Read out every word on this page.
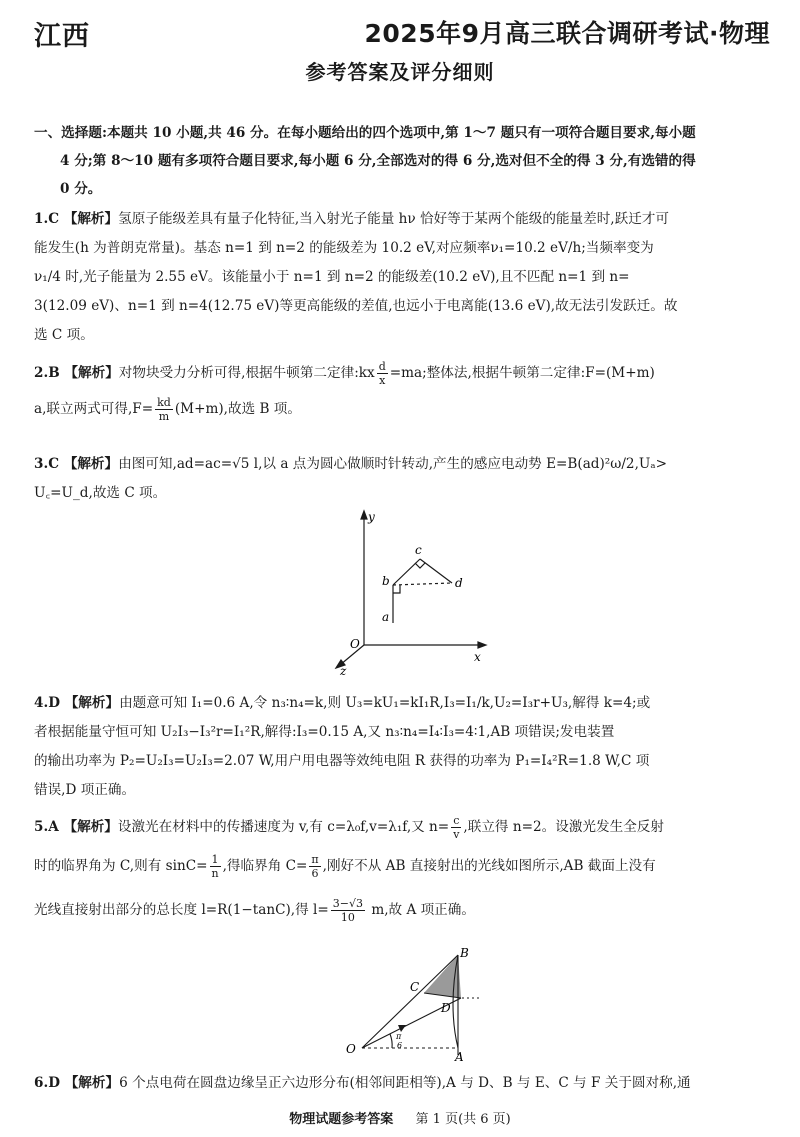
江西	2025年9月高三联合调研考试·物理
参考答案及评分细则
一、选择题:本题共 10 小题,共 46 分。在每小题给出的四个选项中,第 1～7 题只有一项符合题目要求,每小题
4 分;第 8～10 题有多项符合题目要求,每小题 6 分,全部选对的得 6 分,选对但不全的得 3 分,有选错的得
0 分。
1.C 【解析】氢原子能级差具有量子化特征,当入射光子能量 hν 恰好等于某两个能级的能量差时,跃迁才可
能发生(h 为普朗克常量)。基态 n=1 到 n=2 的能级差为 10.2 eV,对应频率ν₁=10.2 eV/h;当频率变为
ν₁/4 时,光子能量为 2.55 eV。该能量小于 n=1 到 n=2 的能级差(10.2 eV),且不匹配 n=1 到 n=
3(12.09 eV)、n=1 到 n=4(12.75 eV)等更高能级的差值,也远小于电离能(13.6 eV),故无法引发跃迁。故
选 C 项。
2.B 【解析】对物块受力分析可得,根据牛顿第二定律:kx $\frac{d}{x} =ma$;整体法,根据牛顿第二定律:F=(M+m)
a,联立两式可得$,F= \frac{kd}{m} (M+m)$,故选 B 项。
3.C 【解析】由图可知,ad=ac=√5 l,以 a 点为圆心做顺时针转动,产生的感应电动势 E=B(ad)²ω/2,Uₐ>
U꜀=U_d,故选 C 项。
y
x
z
O
a
b
c
d
4.D 【解析】由题意可知 I₁=0.6 A,令 n₃∶n₄=k,则 U₃=kU₁=kI₁R,I₃=I₁/k,U₂=I₃r+U₃,解得 k=4;或
者根据能量守恒可知 U₂I₃−I₃²r=I₁²R,解得:I₃=0.15 A,又 n₃∶n₄=I₄∶I₃=4∶1,AB 项错误;发电装置
的输出功率为 P₂=U₂I₃=U₂I₃=2.07 W,用户用电器等效纯电阻 R 获得的功率为 P₁=I₄²R=1.8 W,C 项
错误,D 项正确。
5.A 【解析】设激光在材料中的传播速度为 v,有 c=λ₀f,v=λ₁f,又 $n= \frac{c}{v}$ ,联立得 n=2。设激光发生全反射
时的临界角为 C,则有 $\sin C= \frac{1}{n}$ ,得临界角 $C= \frac{\pi}{6}$ ,刚好不从 AB 直接射出的光线如图所示,AB 截面上没有
光线直接射出部分的总长度 l=R(1−tanC),得 $l= \frac{3-√3}{10} m$,故 A 项正确。
B
C
D
O
A
π
6
6.D 【解析】6 个点电荷在圆盘边缘呈正六边形分布(相邻间距相等),A 与 D、B 与 E、C 与 F 关于圆对称,通
物理试题参考答案 第 1 页(共 6 页)
